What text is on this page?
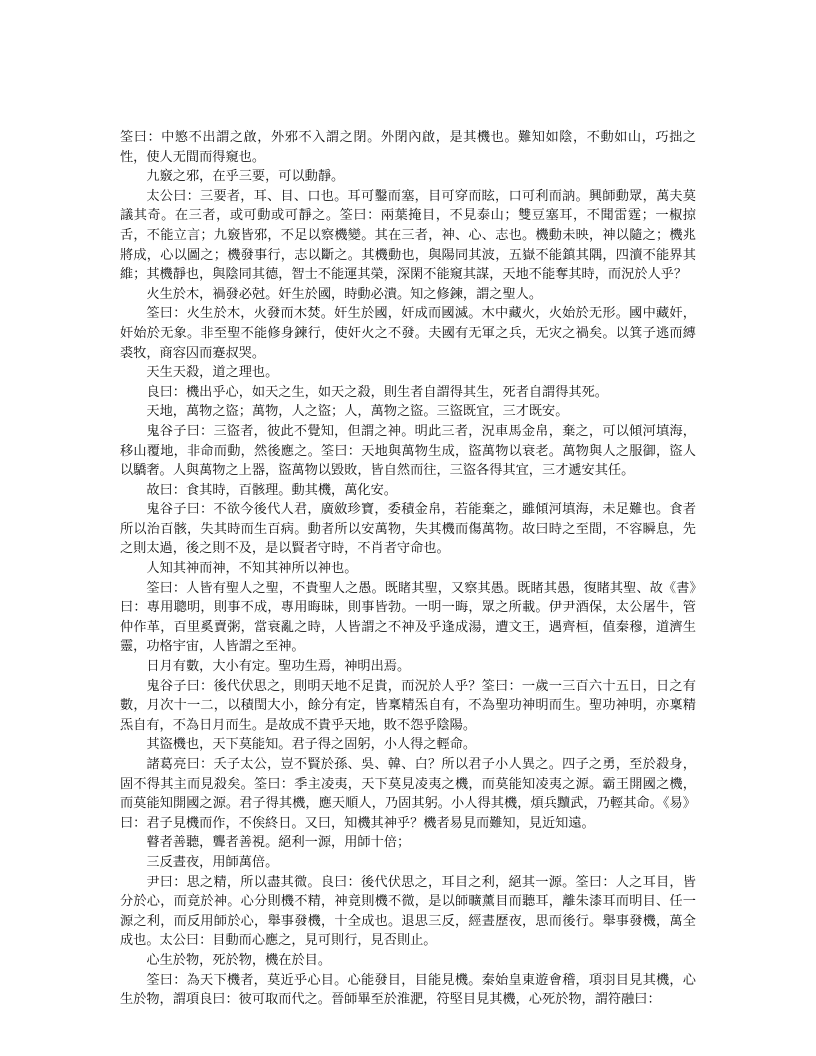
筌曰：中慜不出謂之啟，外邪不入謂之閉。外閉內啟，是其機也。難知如陰，不動如山，巧拙之性，使人无間而得窺也。

九竅之邪，在乎三要，可以動靜。

太公曰：三要者，耳、目、口也。耳可鑿而塞，目可穿而眩，口可利而訥。興師動眾，萬夫莫議其奇。在三者，或可動或可靜之。筌曰：兩葉掩目，不見泰山；雙豆塞耳，不聞雷霆；一椒掠舌，不能立言；九竅皆邪，不足以察機變。其在三者，神、心、志也。機動未映，神以隨之；機兆將成，心以圖之；機發事行，志以斷之。其機動也，與陽同其波，五嶽不能鎮其隅，四瀆不能界其維；其機靜也，與陰同其德，智士不能運其榮，深閑不能窺其謀，天地不能奪其時，而況於人乎？

火生於木，禍發必尅。奸生於國，時動必潰。知之修鍊，謂之聖人。

筌曰：火生於木，火發而木焚。奸生於國，奸成而國滅。木中藏火，火始於无形。國中藏奸，奸始於无象。非至聖不能修身鍊行，使奸火之不發。夫國有无軍之兵，无灾之禍矣。以箕子逃而縛裘牧，商容囚而蹇叔哭。

天生天殺，道之理也。

良曰：機出乎心，如天之生，如天之殺，則生者自謂得其生，死者自謂得其死。

天地，萬物之盜；萬物，人之盜；人，萬物之盜。三盜既宜，三才既安。

鬼谷子曰：三盜者，彼此不覺知，但謂之神。明此三者，況車馬金帛，棄之，可以傾河填海，移山覆地，非命而動，然後應之。筌曰：天地與萬物生成，盜萬物以衰老。萬物與人之服御，盜人以驕奢。人與萬物之上器，盜萬物以毀敗，皆自然而往，三盜各得其宜，三才遞安其任。

故曰：食其時，百骸理。動其機，萬化安。

鬼谷子曰：不欲今後代人君，廣斂珍寶，委積金帛，若能棄之，雖傾河填海，未足難也。食者所以治百骸，失其時而生百病。動者所以安萬物，失其機而傷萬物。故曰時之至間，不容瞬息，先之則太過，後之則不及，是以賢者守時，不肖者守命也。

人知其神而神，不知其神所以神也。

筌曰：人皆有聖人之聖，不貴聖人之愚。既睹其聖，又察其愚。既睹其愚，復睹其聖、故《書》曰：專用聰明，則事不成，專用晦昧，則事皆勃。一明一晦，眾之所載。伊尹酒保，太公屠牛，管仲作革，百里奚賣粥，當衰亂之時，人皆謂之不神及乎逢成湯，遭文王，遇齊桓，值秦穆，道濟生靈，功格宇宙，人皆謂之至神。

日月有數，大小有定。聖功生焉，神明出焉。

鬼谷子曰：後代伏思之，則明天地不足貴，而況於人乎？筌曰：一歲一三百六十五日，日之有數，月次十一二，以積閏大小，餘分有定，皆稟精炁自有，不為聖功神明而生。聖功神明，亦稟精炁自有，不為日月而生。是故成不貴乎天地，敗不怨乎陰陽。

其盜機也，天下莫能知。君子得之固躬，小人得之輕命。

諸葛亮曰：夭子太公，豈不賢於孫、吳、韓、白？所以君子小人異之。四子之勇，至於殺身，固不得其主而見殺矣。筌曰：季主凌夷，天下莫見凌夷之機，而莫能知凌夷之源。霸王開國之機，而莫能知開國之源。君子得其機，應天順人，乃固其躬。小人得其機，煩兵黷武，乃輕其命。《易》曰：君子見機而作，不俟終日。又曰，知機其神乎？機者易見而難知，見近知遠。

瞽者善聽，聾者善視。絕利一源，用師十倍；

三反晝夜，用師萬倍。

尹曰：思之精，所以盡其微。良曰：後代伏思之，耳目之利，絕其一源。筌曰：人之耳目，皆分於心，而竟於神。心分則機不精，神竟則機不微，是以師曠薰目而聽耳，離朱漆耳而明目、任一源之利，而反用師於心，舉事發機，十全成也。退思三反，經晝歷夜，思而後行。舉事發機，萬全成也。太公曰：目動而心應之，見可則行，見否則止。

心生於物，死於物，機在於目。

筌曰：為天下機者，莫近乎心目。心能發目，目能見機。秦始皇東遊會稽，項羽目見其機，心生於物，謂項良曰：彼可取而代之。晉師畢至於淮淝，符堅目見其機，心死於物，謂符融曰：
